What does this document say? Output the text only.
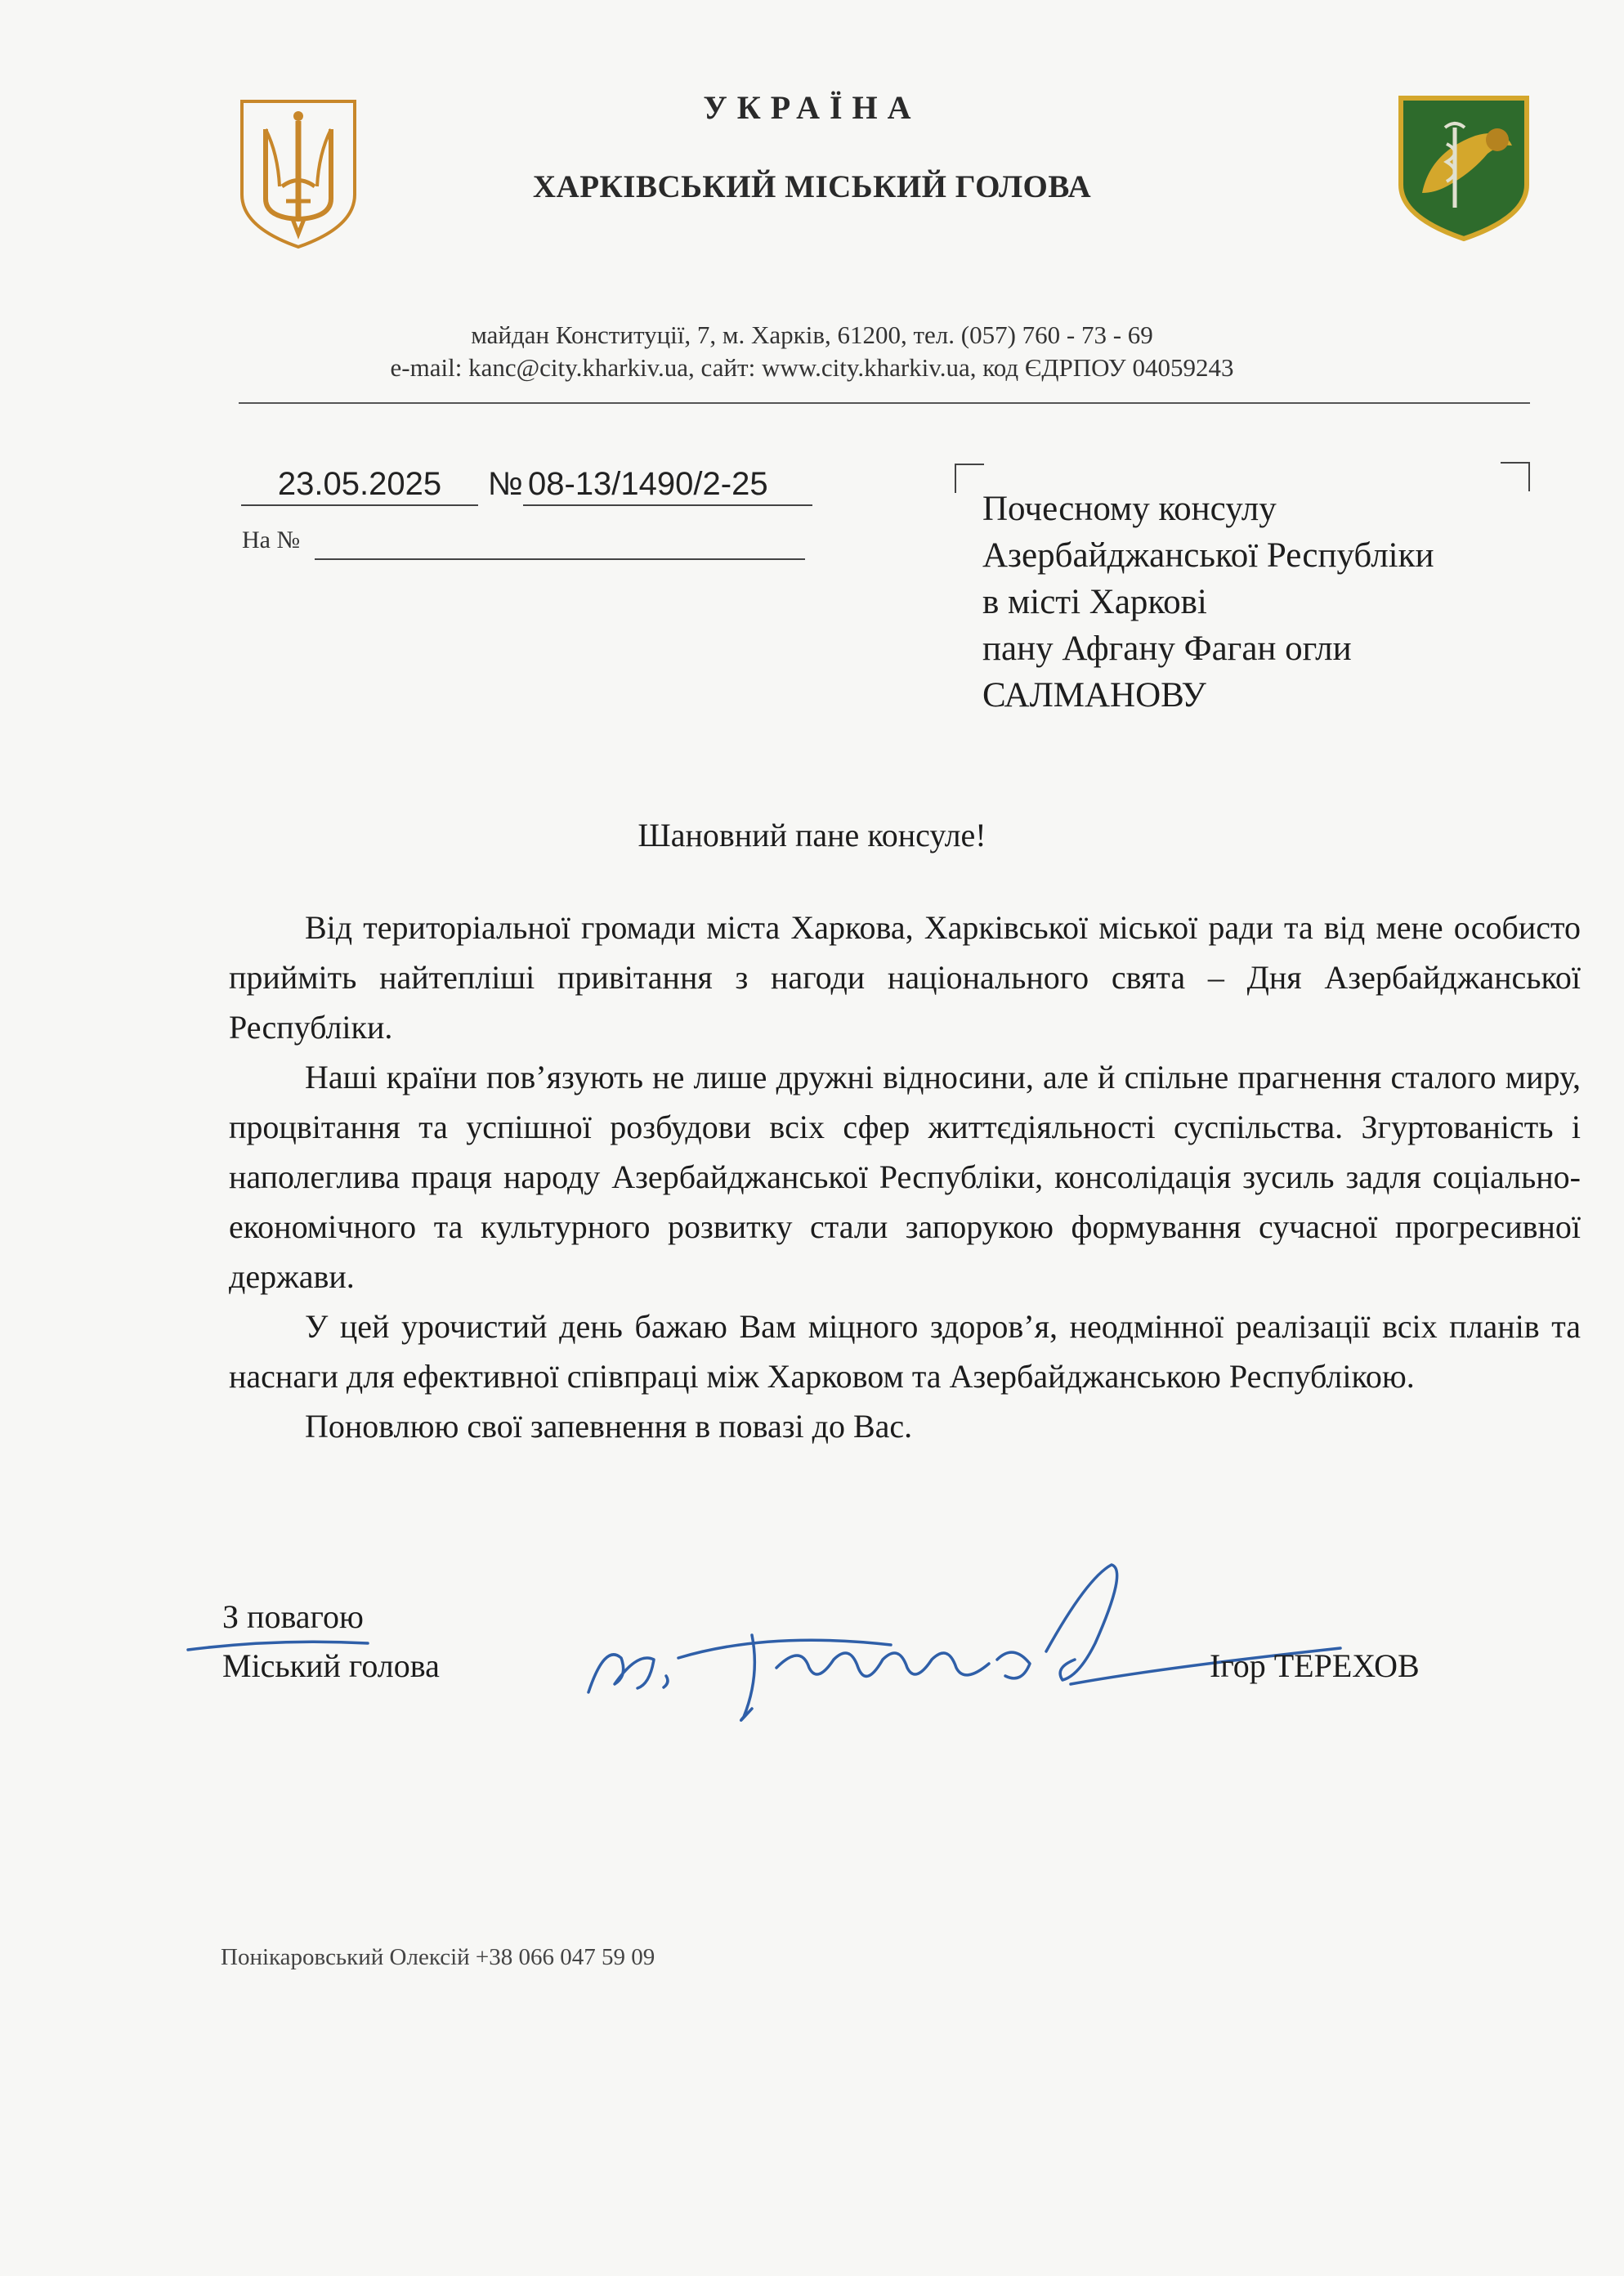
УКРАЇНА
ХАРКІВСЬКИЙ МІСЬКИЙ ГОЛОВА
майдан Конституції, 7, м. Харків, 61200, тел. (057) 760 - 73 - 69
e-mail: kanc@city.kharkiv.ua, сайт: www.city.kharkiv.ua, код ЄДРПОУ 04059243
23.05.2025	№ 08-13/1490/2-25
На №
Почесному консулу
Азербайджанської Республіки
в місті Харкові
пану Афгану Фаган огли
САЛМАНОВУ
Шановний пане консуле!

Від територіальної громади міста Харкова, Харківської міської ради та від мене особисто прийміть найтепліші привітання з нагоди національного свята – Дня Азербайджанської Республіки.

Наші країни пов’язують не лише дружні відносини, але й спільне прагнення сталого миру, процвітання та успішної розбудови всіх сфер життєдіяльності суспільства. Згуртованість і наполеглива праця народу Азербайджанської Республіки, консолідація зусиль задля соціально-економічного та культурного розвитку стали запорукою формування сучасної прогресивної держави.

У цей урочистий день бажаю Вам міцного здоров’я, неодмінної реалізації всіх планів та наснаги для ефективної співпраці між Харковом та Азербайджанською Республікою.

Поновлюю свої запевнення в повазі до Вас.

З повагою
Міський голова	Ігор ТЕРЕХОВ
Понікаровський Олексій +38 066 047 59 09
